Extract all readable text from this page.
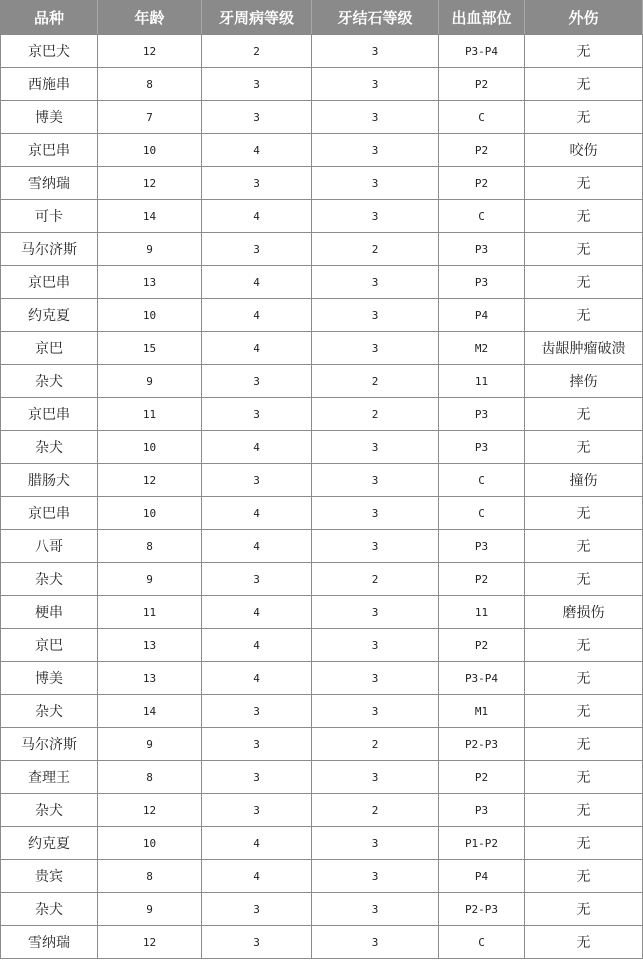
品种	年龄	牙周病等级	牙结石等级	出血部位	外伤
京巴犬	12	2	3	P3-P4	无
西施串	8	3	3	P2	无
博美	7	3	3	C	无
京巴串	10	4	3	P2	咬伤
雪纳瑞	12	3	3	P2	无
可卡	14	4	3	C	无
马尔济斯	9	3	2	P3	无
京巴串	13	4	3	P3	无
约克夏	10	4	3	P4	无
京巴	15	4	3	M2	齿龈肿瘤破溃
杂犬	9	3	2	11	摔伤
京巴串	11	3	2	P3	无
杂犬	10	4	3	P3	无
腊肠犬	12	3	3	C	撞伤
京巴串	10	4	3	C	无
八哥	8	4	3	P3	无
杂犬	9	3	2	P2	无
梗串	11	4	3	11	磨损伤
京巴	13	4	3	P2	无
博美	13	4	3	P3-P4	无
杂犬	14	3	3	M1	无
马尔济斯	9	3	2	P2-P3	无
查理王	8	3	3	P2	无
杂犬	12	3	2	P3	无
约克夏	10	4	3	P1-P2	无
贵宾	8	4	3	P4	无
杂犬	9	3	3	P2-P3	无
雪纳瑞	12	3	3	C	无
